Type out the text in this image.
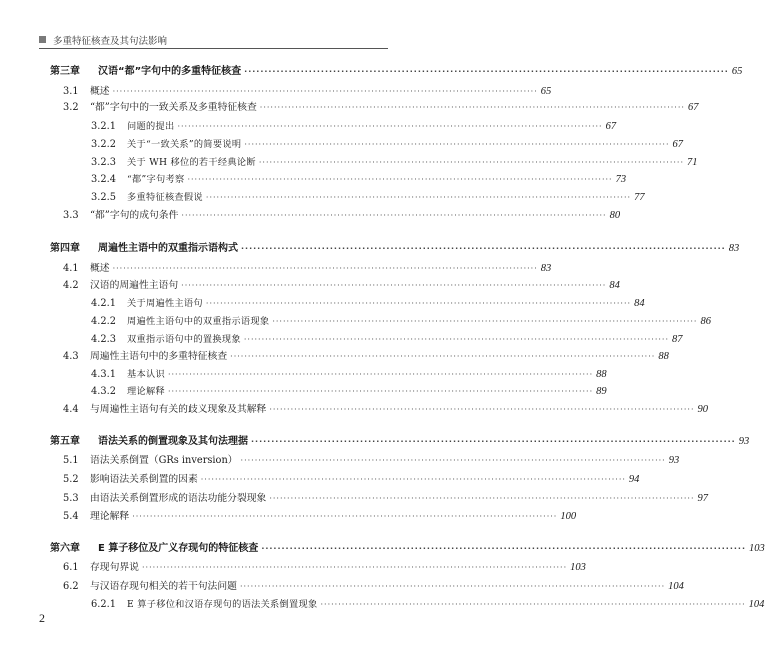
多重特征核查及其句法影响
第三章	汉语“都”字句中的多重特征核查 ························································································································ 65
3.1	概述 ························································································································ 65
3.2	“都”字句中的一致关系及多重特征核查 ························································································································ 67
3.2.1	问题的提出 ························································································································ 67
3.2.2	关于“一致关系”的简要说明 ························································································································ 67
3.2.3	关于 WH 移位的若干经典论断 ························································································································ 71
3.2.4	“都”字句考察 ························································································································ 73
3.2.5	多重特征核查假说 ························································································································ 77
3.3	“都”字句的成句条件 ························································································································ 80
第四章	周遍性主语中的双重指示语构式 ························································································································ 83
4.1	概述 ························································································································ 83
4.2	汉语的周遍性主语句 ························································································································ 84
4.2.1	关于周遍性主语句 ························································································································ 84
4.2.2	周遍性主语句中的双重指示语现象 ························································································································ 86
4.2.3	双重指示语句中的置换现象 ························································································································ 87
4.3	周遍性主语句中的多重特征核查 ························································································································ 88
4.3.1	基本认识 ························································································································ 88
4.3.2	理论解释 ························································································································ 89
4.4	与周遍性主语句有关的歧义现象及其解释 ························································································································ 90
第五章	语法关系的倒置现象及其句法理据 ························································································································ 93
5.1	语法关系倒置（GRs inversion） ························································································································ 93
5.2	影响语法关系倒置的因素 ························································································································ 94
5.3	由语法关系倒置形成的语法功能分裂现象 ························································································································ 97
5.4	理论解释 ························································································································ 100
第六章	E 算子移位及广义存现句的特征核查 ························································································································ 103
6.1	存现句界说 ························································································································ 103
6.2	与汉语存现句相关的若干句法问题 ························································································································ 104
6.2.1	E 算子移位和汉语存现句的语法关系倒置现象 ························································································································ 104
2
